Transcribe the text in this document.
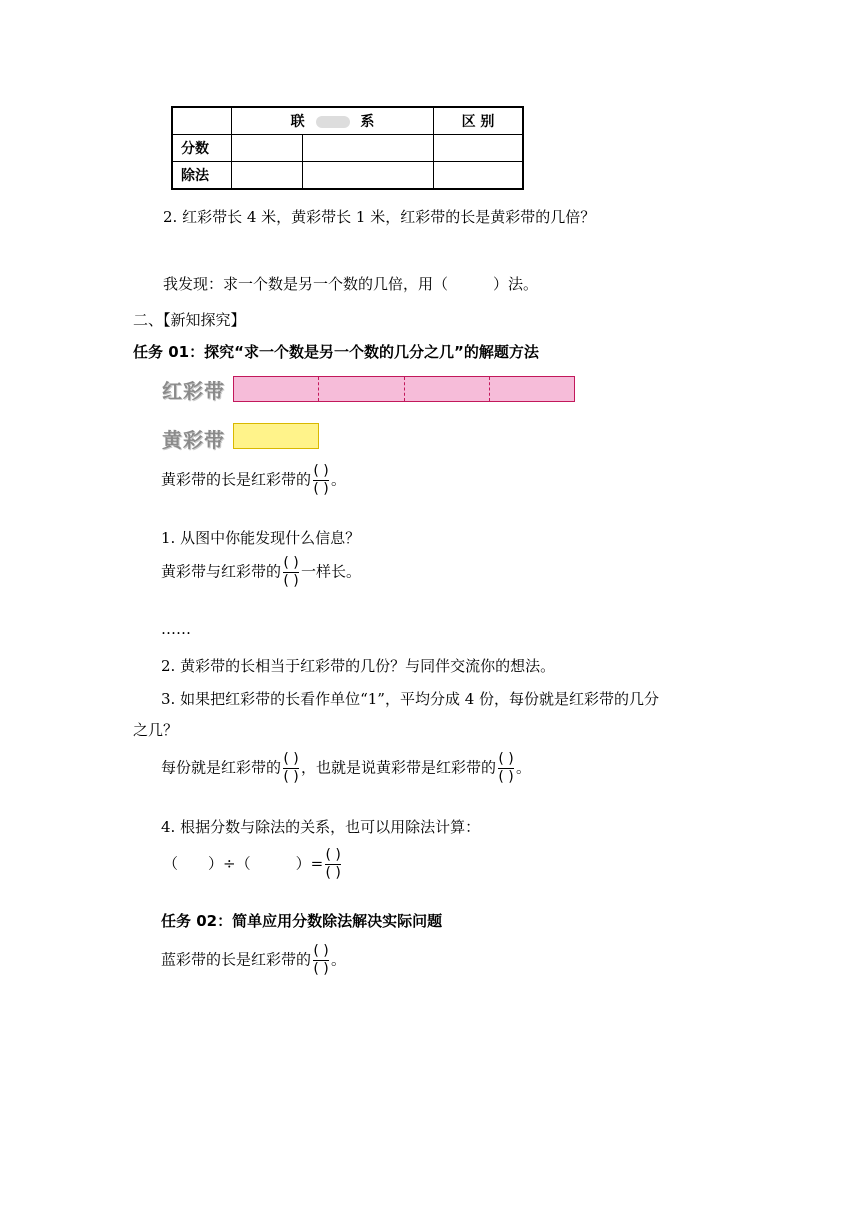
	联 系		区 别
分数			
除法			
2. 红彩带长 4 米，黄彩带长 1 米，红彩带的长是黄彩带的几倍？
我发现：求一个数是另一个数的几倍，用（　　　）法。
二、【新知探究】
任务 01：探究“求一个数是另一个数的几分之几”的解题方法
红彩带
黄彩带
黄彩带的长是红彩带的 $\frac{( )}{( )}$ 。
1. 从图中你能发现什么信息？
黄彩带与红彩带的 $\frac{( )}{( )}$ 一样长。
……
2. 黄彩带的长相当于红彩带的几份？与同伴交流你的想法。
3. 如果把红彩带的长看作单位“1”，平均分成 4 份，每份就是红彩带的几分
之几？
每份就是红彩带的 $\frac{( )}{( )}$ ，也就是说黄彩带是红彩带的 $\frac{( )}{( )}$ 。
4. 根据分数与除法的关系，也可以用除法计算：
（　　）÷（　　　）= $\frac{( )}{( )}$
任务 02：简单应用分数除法解决实际问题
蓝彩带的长是红彩带的 $\frac{( )}{( )}$ 。
